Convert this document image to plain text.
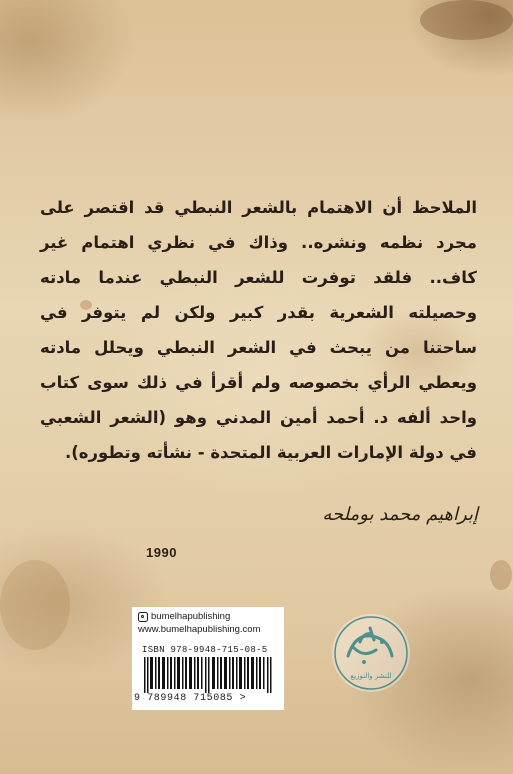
الملاحظ أن الاهتمام بالشعر النبطي قد اقتصر على
مجرد نظمه ونشره.. وذاك في نظري اهتمام غير
كاف.. فلقد توفرت للشعر النبطي عندما مادته
وحصيلته الشعرية بقدر كبير ولكن لم يتوفر في
ساحتنا من يبحث في الشعر النبطي ويحلل مادته
ويعطي الرأي بخصوصه ولم أقرأ في ذلك سوى كتاب
واحد ألفه د. أحمد أمين المدني وهو (الشعر الشعبي
في دولة الإمارات العربية المتحدة - نشأته وتطوره).
إبراهيم محمد بوملحه
1990
bumelhapublishing
www.bumelhapublishing.com
ISBN 978-9948-715-08-5
9 789948 715085 >
للنشر والتوزيع
